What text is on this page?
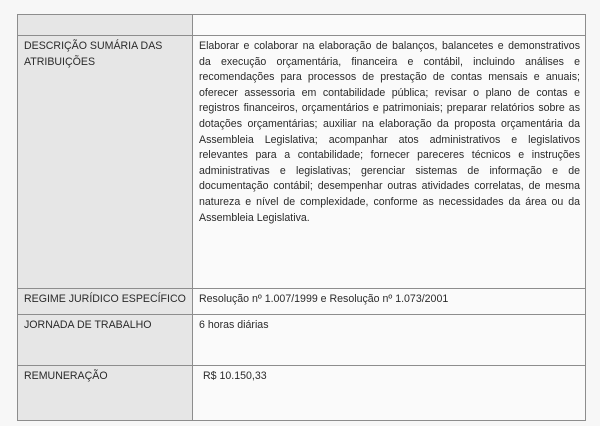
DESCRIÇÃO SUMÁRIA DAS ATRIBUIÇÕES	Elaborar e colaborar na elaboração de balanços, balancetes e demonstrativos da execução orçamentária, financeira e contábil, incluindo análises e recomendações para processos de prestação de contas mensais e anuais; oferecer assessoria em contabilidade pública; revisar o plano de contas e registros financeiros, orçamentários e patrimoniais; preparar relatórios sobre as dotações orçamentárias; auxiliar na elaboração da proposta orçamentária da Assembleia Legislativa; acompanhar atos administrativos e legislativos relevantes para a contabilidade; fornecer pareceres técnicos e instruções administrativas e legislativas; gerenciar sistemas de informação e de documentação contábil; desempenhar outras atividades correlatas, de mesma natureza e nível de complexidade, conforme as necessidades da área ou da Assembleia Legislativa.
REGIME JURÍDICO ESPECÍFICO	Resolução nº 1.007/1999 e Resolução nº 1.073/2001
JORNADA DE TRABALHO	6 horas diárias
REMUNERAÇÃO	R$ 10.150,33
